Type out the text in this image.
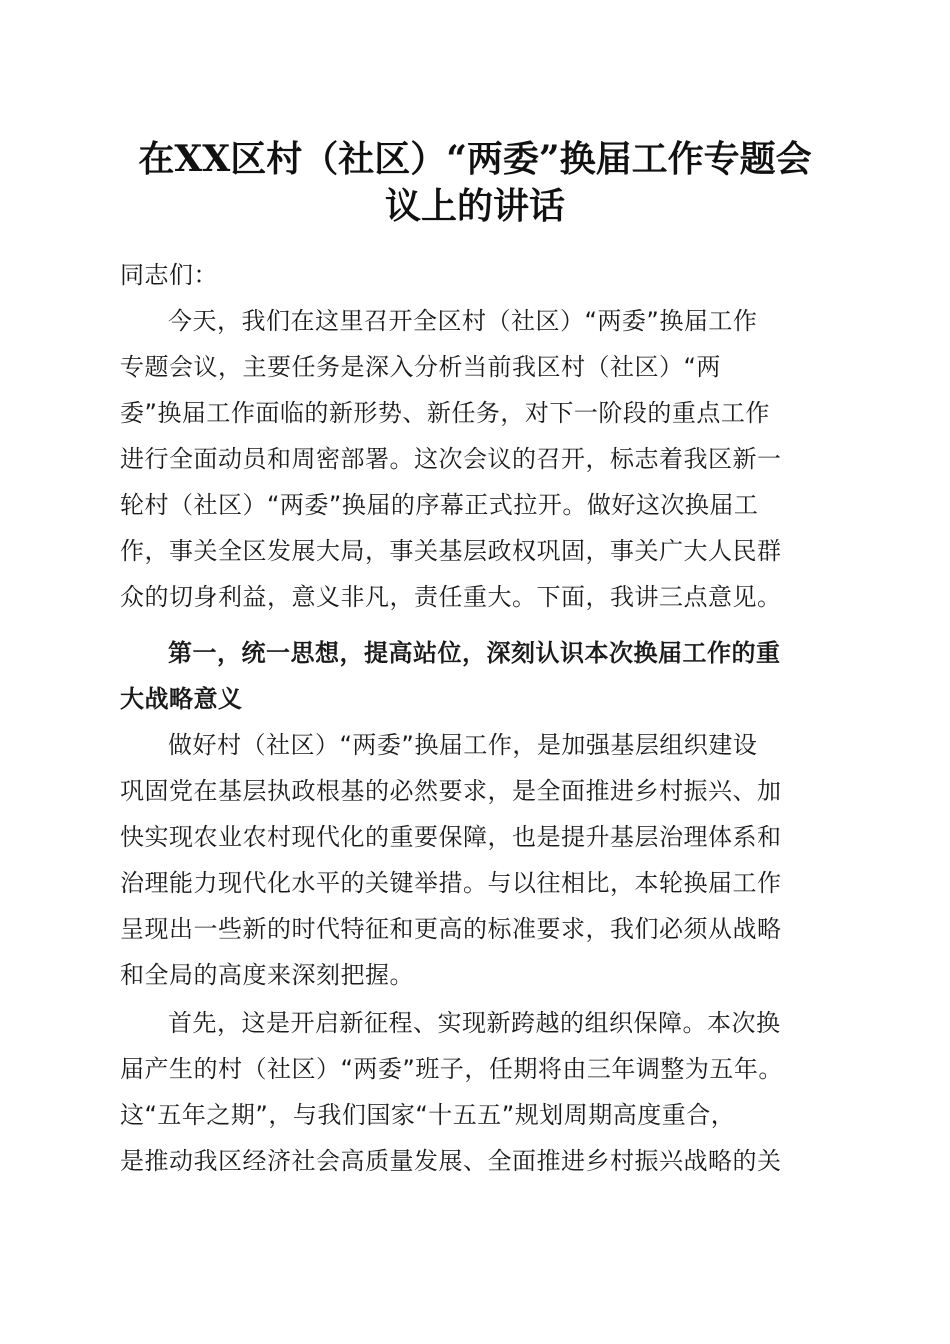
在XX区村（社区）“两委”换届工作专题会
议上的讲话
同志们：
今天，我们在这里召开全区村（社区）“两委”换届工作
专题会议，主要任务是深入分析当前我区村（社区）“两
委”换届工作面临的新形势、新任务，对下一阶段的重点工作
进行全面动员和周密部署。这次会议的召开，标志着我区新一
轮村（社区）“两委”换届的序幕正式拉开。做好这次换届工
作，事关全区发展大局，事关基层政权巩固，事关广大人民群
众的切身利益，意义非凡，责任重大。下面，我讲三点意见。
第一，统一思想，提高站位，深刻认识本次换届工作的重
大战略意义
做好村（社区）“两委”换届工作，是加强基层组织建设
巩固党在基层执政根基的必然要求，是全面推进乡村振兴、加
快实现农业农村现代化的重要保障，也是提升基层治理体系和
治理能力现代化水平的关键举措。与以往相比，本轮换届工作
呈现出一些新的时代特征和更高的标准要求，我们必须从战略
和全局的高度来深刻把握。
首先，这是开启新征程、实现新跨越的组织保障。本次换
届产生的村（社区）“两委”班子，任期将由三年调整为五年。
这“五年之期”，与我们国家“十五五”规划周期高度重合，
是推动我区经济社会高质量发展、全面推进乡村振兴战略的关
